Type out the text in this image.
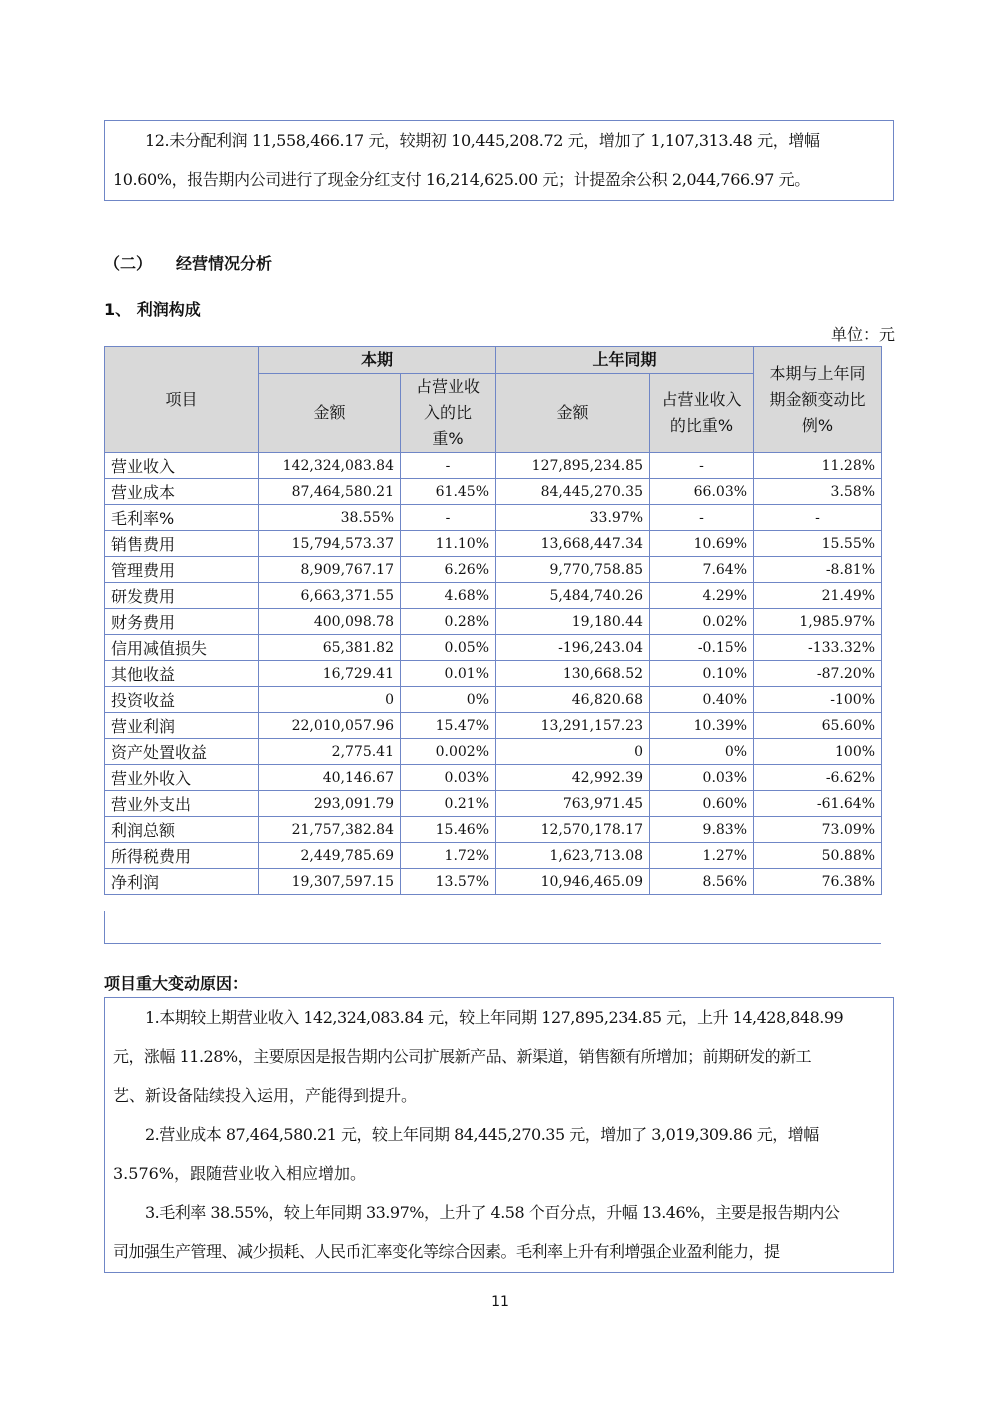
12.未分配利润 11,558,466.17 元，较期初 10,445,208.72 元，增加了 1,107,313.48 元，增幅

10.60%，报告期内公司进行了现金分红支付 16,214,625.00 元；计提盈余公积 2,044,766.97 元。

（二）　　经营情况分析
1、 利润构成
单位：元
项目	本期		上年同期		本期与上年同期金额变动比例%
	金额	占营业收入的比重%	金额	占营业收入的比重%	
营业收入	142,324,083.84	-	127,895,234.85	-	11.28%
营业成本	87,464,580.21	61.45%	84,445,270.35	66.03%	3.58%
毛利率%	38.55%	-	33.97%	-	-
销售费用	15,794,573.37	11.10%	13,668,447.34	10.69%	15.55%
管理费用	8,909,767.17	6.26%	9,770,758.85	7.64%	-8.81%
研发费用	6,663,371.55	4.68%	5,484,740.26	4.29%	21.49%
财务费用	400,098.78	0.28%	19,180.44	0.02%	1,985.97%
信用减值损失	65,381.82	0.05%	-196,243.04	-0.15%	-133.32%
其他收益	16,729.41	0.01%	130,668.52	0.10%	-87.20%
投资收益	0	0%	46,820.68	0.40%	-100%
营业利润	22,010,057.96	15.47%	13,291,157.23	10.39%	65.60%
资产处置收益	2,775.41	0.002%	0	0%	100%
营业外收入	40,146.67	0.03%	42,992.39	0.03%	-6.62%
营业外支出	293,091.79	0.21%	763,971.45	0.60%	-61.64%
利润总额	21,757,382.84	15.46%	12,570,178.17	9.83%	73.09%
所得税费用	2,449,785.69	1.72%	1,623,713.08	1.27%	50.88%
净利润	19,307,597.15	13.57%	10,946,465.09	8.56%	76.38%
项目重大变动原因：

1.本期较上期营业收入 142,324,083.84 元，较上年同期 127,895,234.85 元，上升 14,428,848.99

元，涨幅 11.28%，主要原因是报告期内公司扩展新产品、新渠道，销售额有所增加；前期研发的新工

艺、新设备陆续投入运用，产能得到提升。

2.营业成本 87,464,580.21 元，较上年同期 84,445,270.35 元，增加了 3,019,309.86 元，增幅

3.576%，跟随营业收入相应增加。

3.毛利率 38.55%，较上年同期 33.97%，上升了 4.58 个百分点，升幅 13.46%，主要是报告期内公

司加强生产管理、减少损耗、人民币汇率变化等综合因素。毛利率上升有利增强企业盈利能力，提

11
